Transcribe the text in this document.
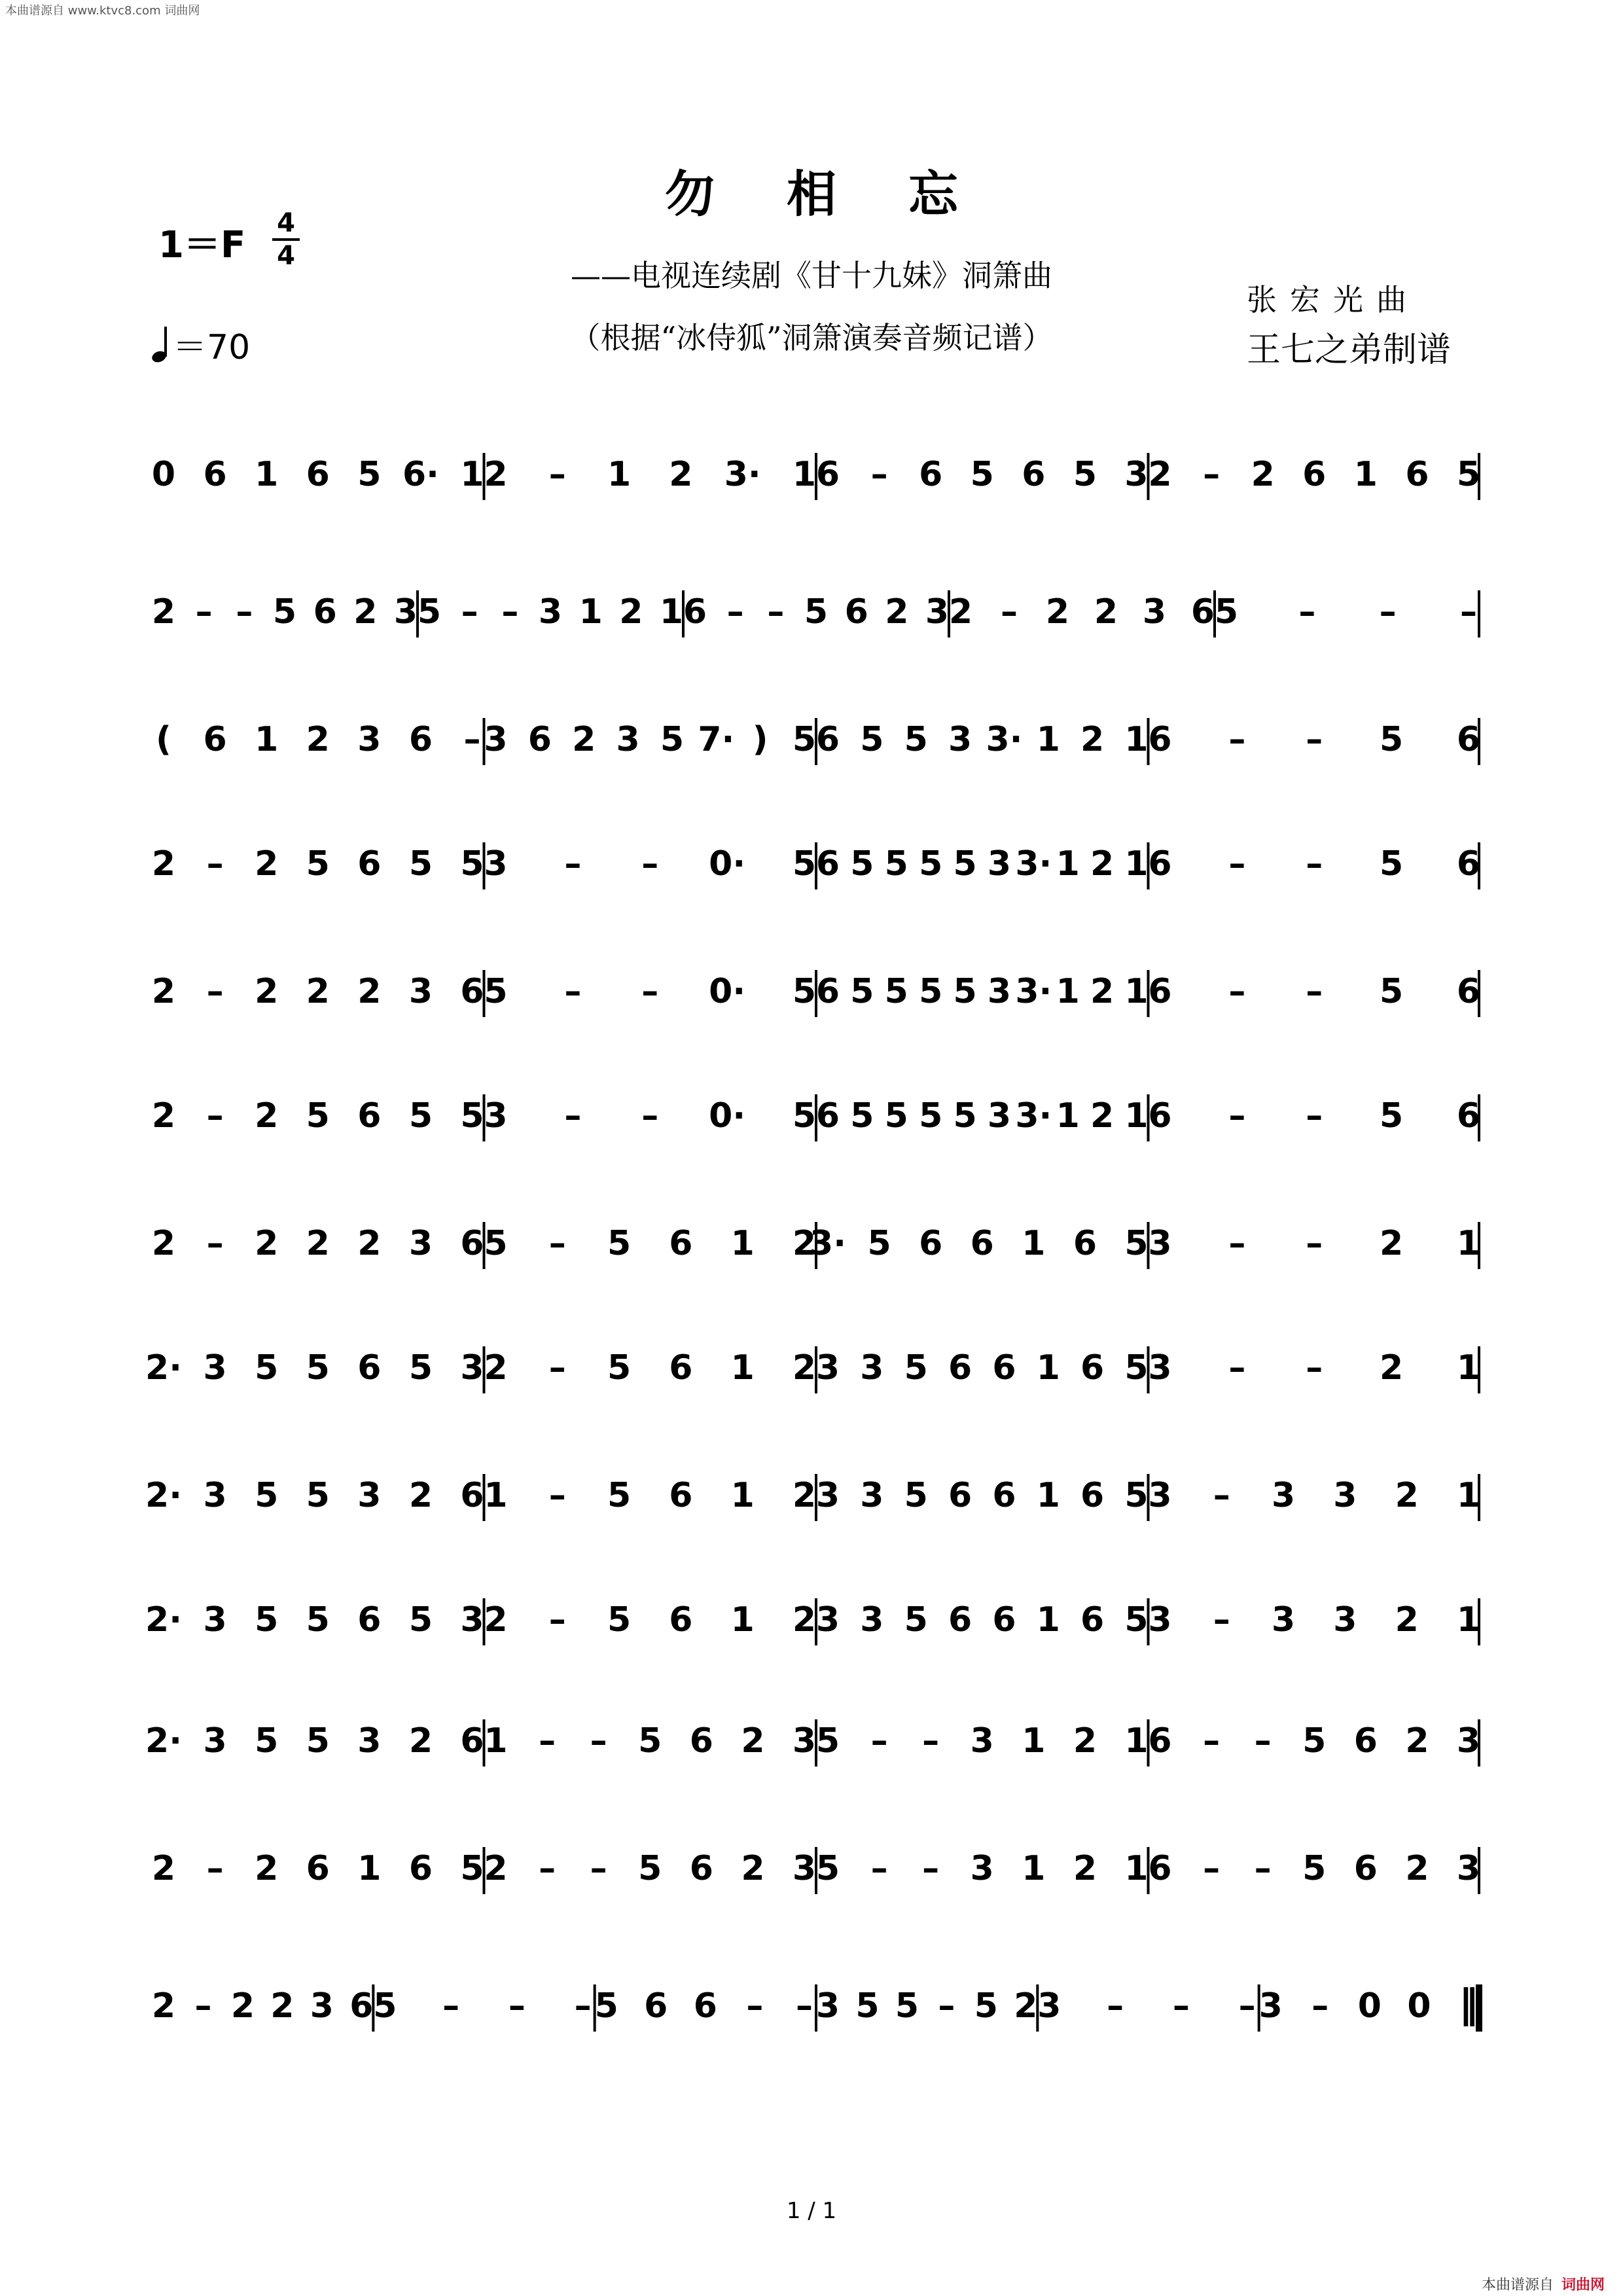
本曲谱源自 www.ktvc8.com 词曲网
勿相忘
——电视连续剧《甘十九妹》洞箫曲
（根据“冰侍狐”洞箫演奏音频记谱）
张宏光曲
王七之弟制谱
1＝F
4
4
＝70
0 6 1 6 5 6· 1 2 – 1 2 3· 1 6 – 6 5 6 5 3 2 – 2 6 1 6 5
2 – – 5 6 2 3 5 – – 3 1 2 1 6 – – 5 6 2 3 2 – 2 2 3 6 5 – – –
( 6 1 2 3 6 – 3 6 2 3 5 7· ) 5 6 5 5 3 3· 1 2 1 6 – – 5 6
2 – 2 5 6 5 5 3 – – 0· 5 6 5 5 5 5 3 3· 1 2 1 6 – – 5 6
2 – 2 2 2 3 6 5 – – 0· 5 6 5 5 5 5 3 3· 1 2 1 6 – – 5 6
2 – 2 5 6 5 5 3 – – 0· 5 6 5 5 5 5 3 3· 1 2 1 6 – – 5 6
2 – 2 2 2 3 6 5 – 5 6 1 2
3· 5 6 6 1 6 5 3 – – 2 1
2· 3 5 5 6 5 3 2 – 5 6 1 2 3 3 5 6 6 1 6 5 3 – – 2 1
2· 3 5 5 3 2 6 1 – 5 6 1 2 3 3 5 6 6 1 6 5 3 – 3 3 2 1
2· 3 5 5 6 5 3 2 – 5 6 1 2 3 3 5 6 6 1 6 5 3 – 3 3 2 1
2· 3 5 5 3 2 6 1 – – 5 6 2 3 5 – – 3 1 2 1 6 – – 5 6 2 3
2 – 2 6 1 6 5 2 – – 5 6 2 3 5 – – 3 1 2 1 6 – – 5 6 2 3
2 – 2 2 3 6 5 – – – 5 6 6 – – 3 5 5 – 5 2 3 – – – 3 – 0 0 ‖
1 / 1
本曲谱源自 词曲网
